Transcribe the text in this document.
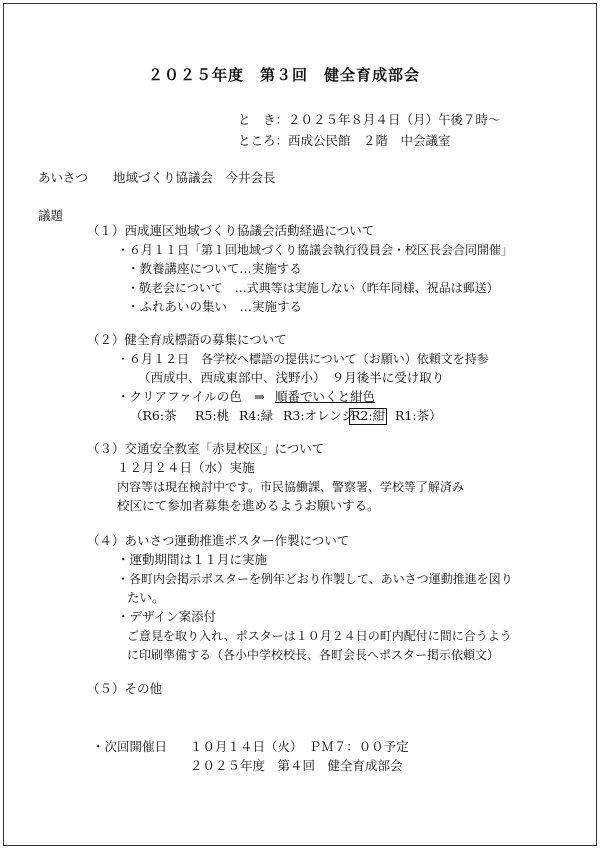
２０２５年度　第３回　健全育成部会
と　き：２０２５年８月４日（月）午後７時～
ところ：西成公民館　２階　中会議室
あいさつ 地域づくり協議会　今井会長
議題
（１）西成連区地域づくり協議会活動経過について
・６月１１日「第１回地域づくり協議会執行役員会・校区長会合同開催」
・教養講座について…実施する
・敬老会について　…式典等は実施しない（昨年同様、祝品は郵送）
・ふれあいの集い　…実施する
（２）健全育成標語の募集について
・６月１２日　各学校へ標語の提供について（お願い）依頼文を持参
（西成中、西成東部中、浅野小）　９月後半に受け取り
・クリアファイルの色　⇒ 順番でいくと紺色
（R6:茶 R5:桃 R4:緑 R3:オレンジ
R2:紺 R1:茶）
（３）交通安全教室「赤見校区」について
１２月２４日（水）実施
内容等は現在検討中です。市民協働課、警察署、学校等了解済み
校区にて参加者募集を進めるようお願いする。
（４）あいさつ運動推進ポスター作製について
・運動期間は１１月に実施
・各町内会掲示ポスターを例年どおり作製して、あいさつ運動推進を図り
たい。
・デザイン案添付
ご意見を取り入れ、ポスターは１０月２４日の町内配付に間に合うよう
に印刷準備する（各小中学校校長、各町会長へポスター掲示依頼文）
（５）その他
・次回開催日 １０月１４日（火）　ＰＭ７：００予定
２０２５年度　第４回　健全育成部会
